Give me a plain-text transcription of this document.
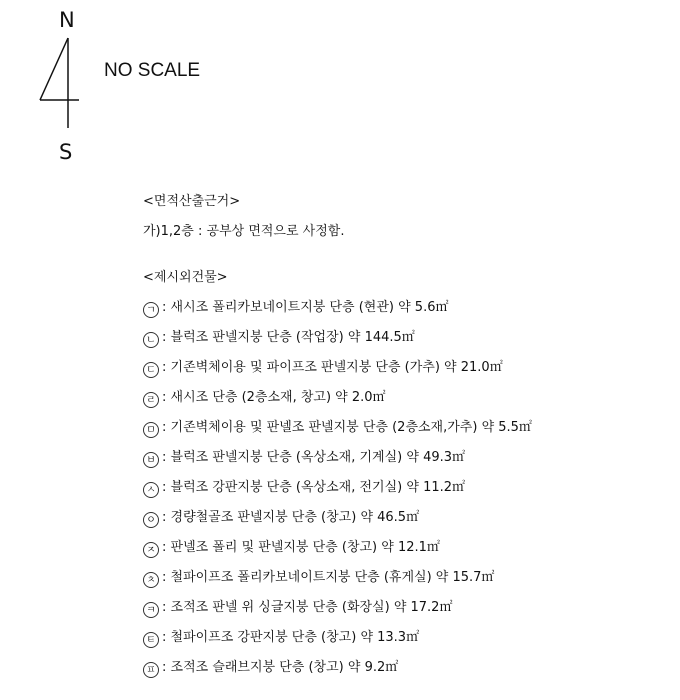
N
S
NO SCALE
<면적산출근거>
가)1,2층 : 공부상 면적으로 사정함.
<제시외건물>
ㄱ : 새시조 폴리카보네이트지붕 단층 (현관) 약 5.6㎡
ㄴ : 블럭조 판넬지붕 단층 (작업장) 약 144.5㎡
ㄷ : 기존벽체이용 및 파이프조 판넬지붕 단층 (가추) 약 21.0㎡
ㄹ : 새시조 단층 (2층소재, 창고) 약 2.0㎡
ㅁ : 기존벽체이용 및 판넬조 판넬지붕 단층 (2층소재,가추) 약 5.5㎡
ㅂ : 블럭조 판넬지붕 단층 (옥상소재, 기계실) 약 49.3㎡
ㅅ : 블럭조 강판지붕 단층 (옥상소재, 전기실) 약 11.2㎡
ㅇ : 경량철골조 판넬지붕 단층 (창고) 약 46.5㎡
ㅈ : 판넬조 폴리 및 판넬지붕 단층 (창고) 약 12.1㎡
ㅊ : 철파이프조 폴리카보네이트지붕 단층 (휴게실) 약 15.7㎡
ㅋ : 조적조 판넬 위 싱글지붕 단층 (화장실) 약 17.2㎡
ㅌ : 철파이프조 강판지붕 단층 (창고) 약 13.3㎡
ㅍ : 조적조 슬래브지붕 단층 (창고) 약 9.2㎡
